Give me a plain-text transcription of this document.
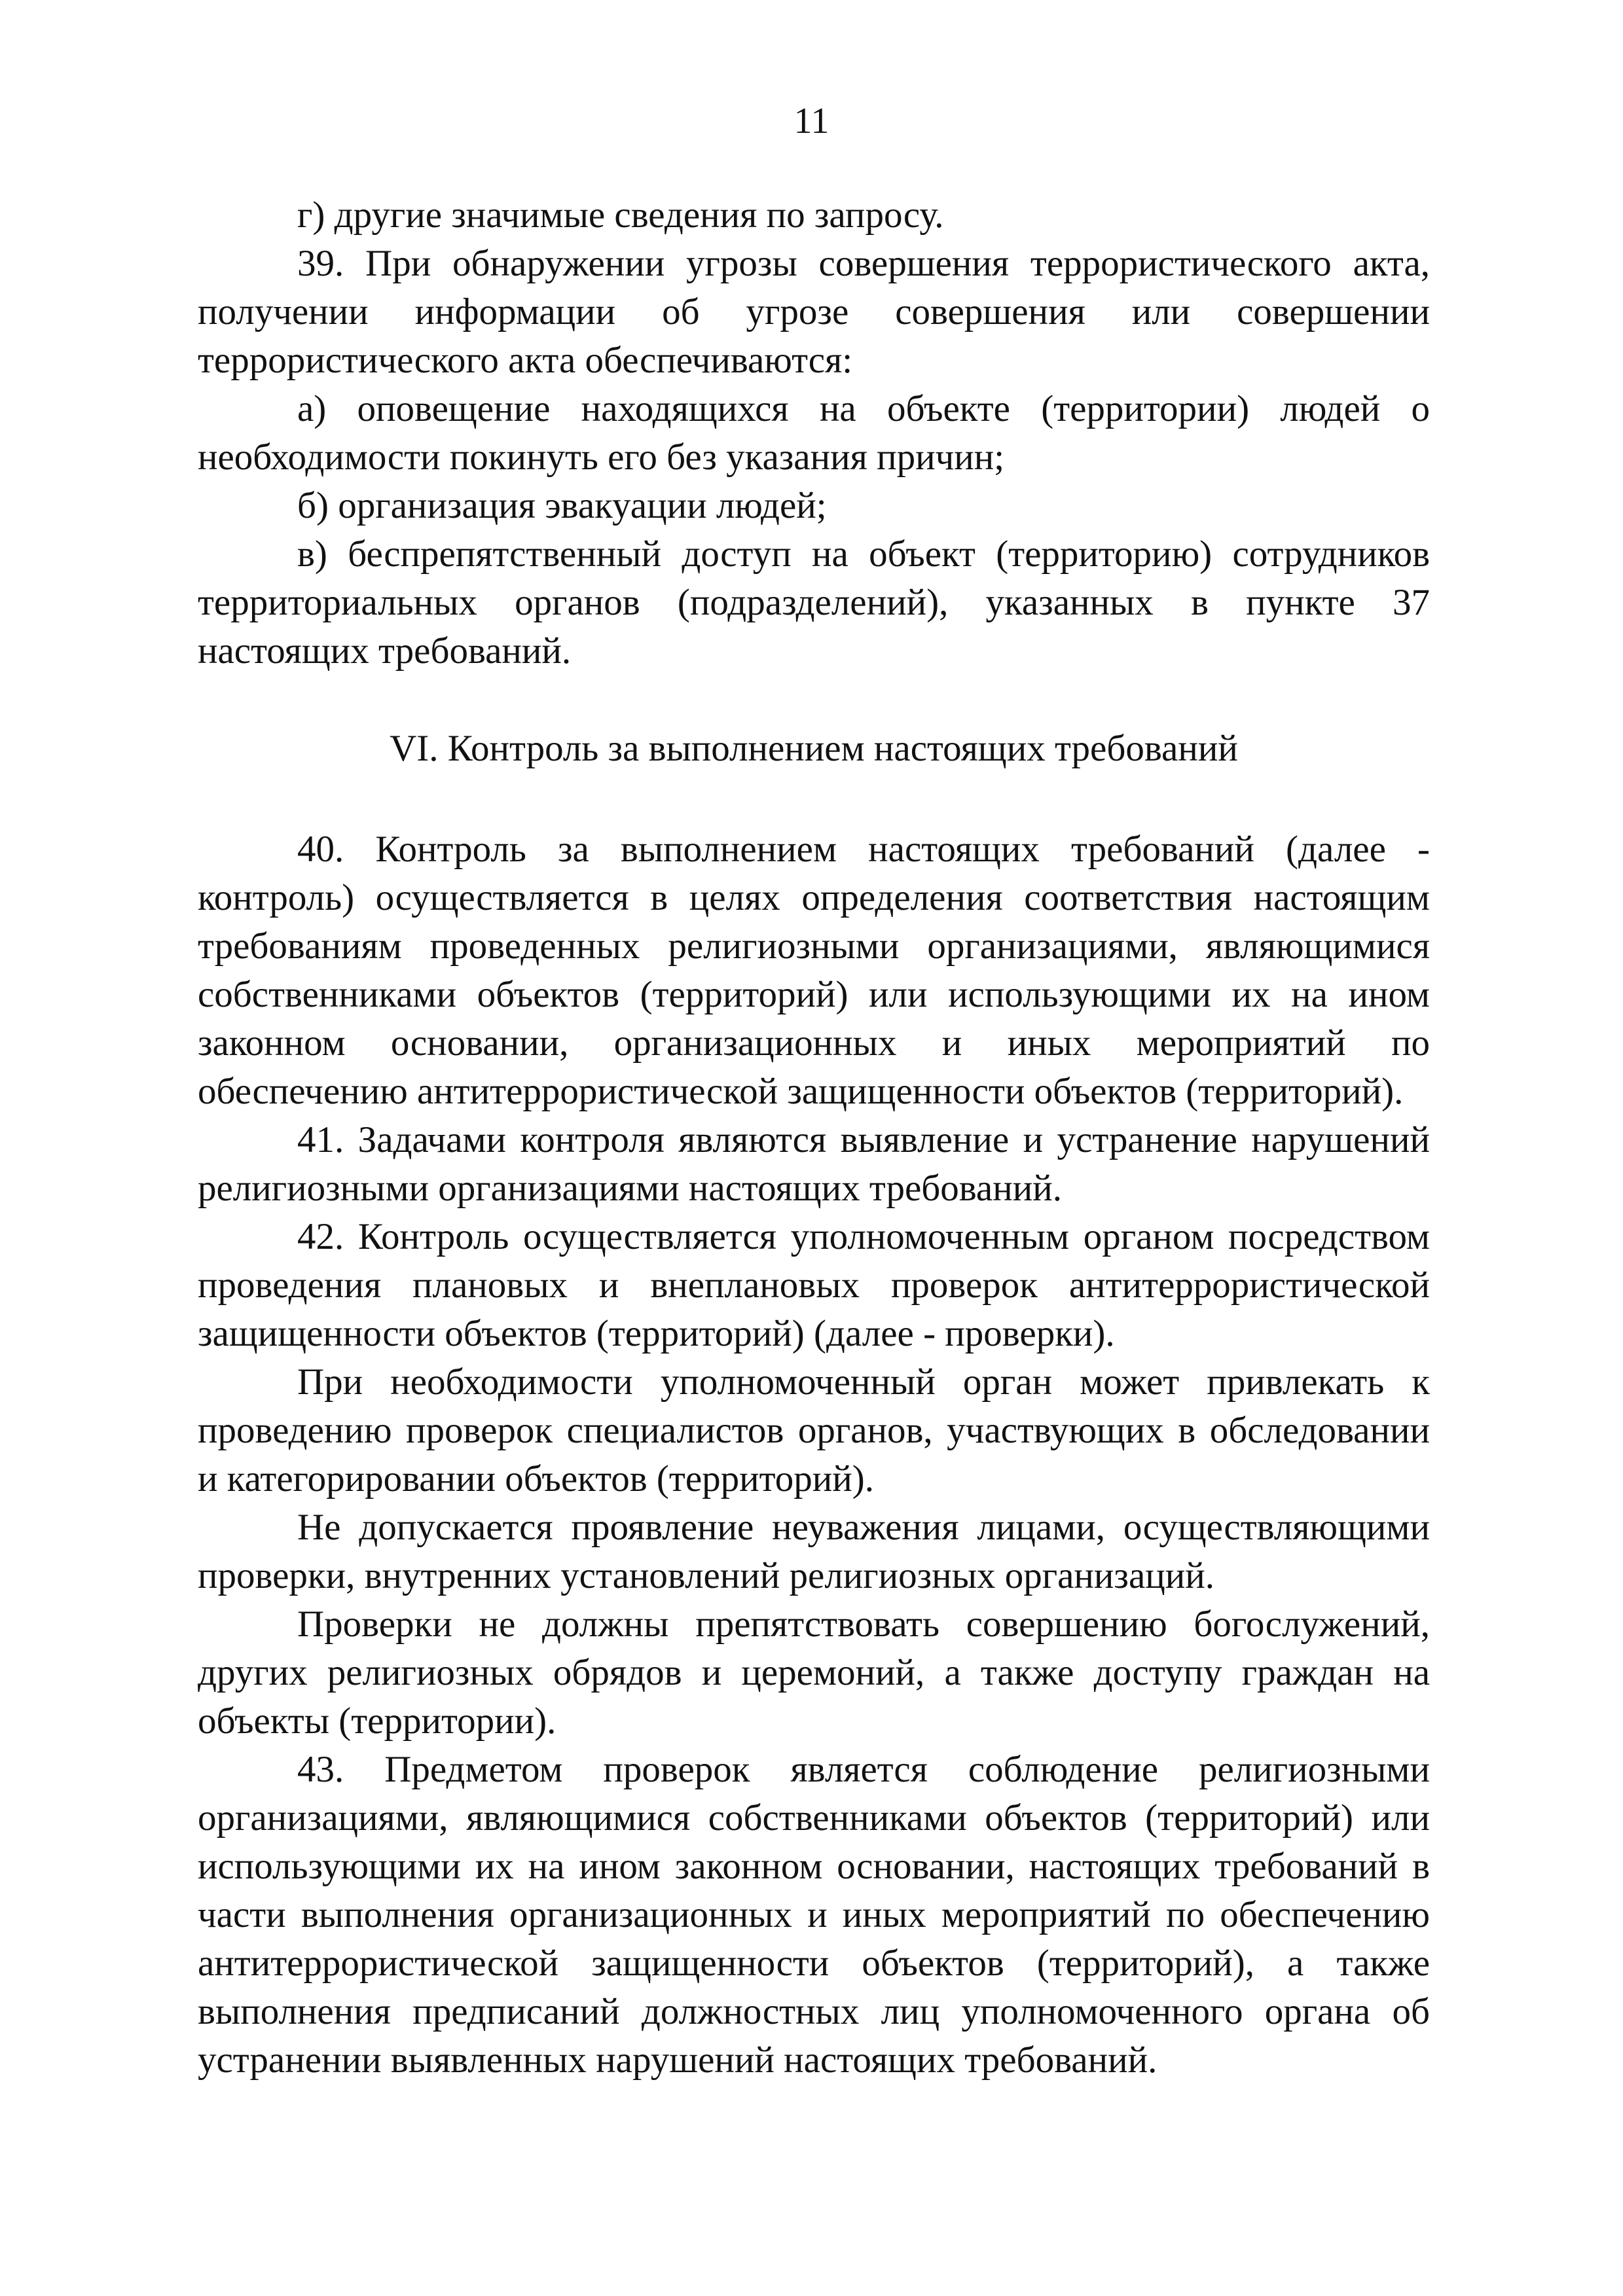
11

г) другие значимые сведения по запросу.

39. При обнаружении угрозы совершения террористического акта, получении информации об угрозе совершения или совершении террористического акта обеспечиваются:

а) оповещение находящихся на объекте (территории) людей о необходимости покинуть его без указания причин;

б) организация эвакуации людей;

в) беспрепятственный доступ на объект (территорию) сотрудников территориальных органов (подразделений), указанных в пункте 37 настоящих требований.

VI. Контроль за выполнением настоящих требований

40. Контроль за выполнением настоящих требований (далее - контроль) осуществляется в целях определения соответствия настоящим требованиям проведенных религиозными организациями, являющимися собственниками объектов (территорий) или использующими их на ином законном основании, организационных и иных мероприятий по обеспечению антитеррористической защищенности объектов (территорий).

41. Задачами контроля являются выявление и устранение нарушений религиозными организациями настоящих требований.

42. Контроль осуществляется уполномоченным органом посредством проведения плановых и внеплановых проверок антитеррористической защищенности объектов (территорий) (далее - проверки).

При необходимости уполномоченный орган может привлекать к проведению проверок специалистов органов, участвующих в обследовании и категорировании объектов (территорий).

Не допускается проявление неуважения лицами, осуществляющими проверки, внутренних установлений религиозных организаций.

Проверки не должны препятствовать совершению богослужений, других религиозных обрядов и церемоний, а также доступу граждан на объекты (территории).

43. Предметом проверок является соблюдение религиозными организациями, являющимися собственниками объектов (территорий) или использующими их на ином законном основании, настоящих требований в части выполнения организационных и иных мероприятий по обеспечению антитеррористической защищенности объектов (территорий), а также выполнения предписаний должностных лиц уполномоченного органа об устранении выявленных нарушений настоящих требований.
